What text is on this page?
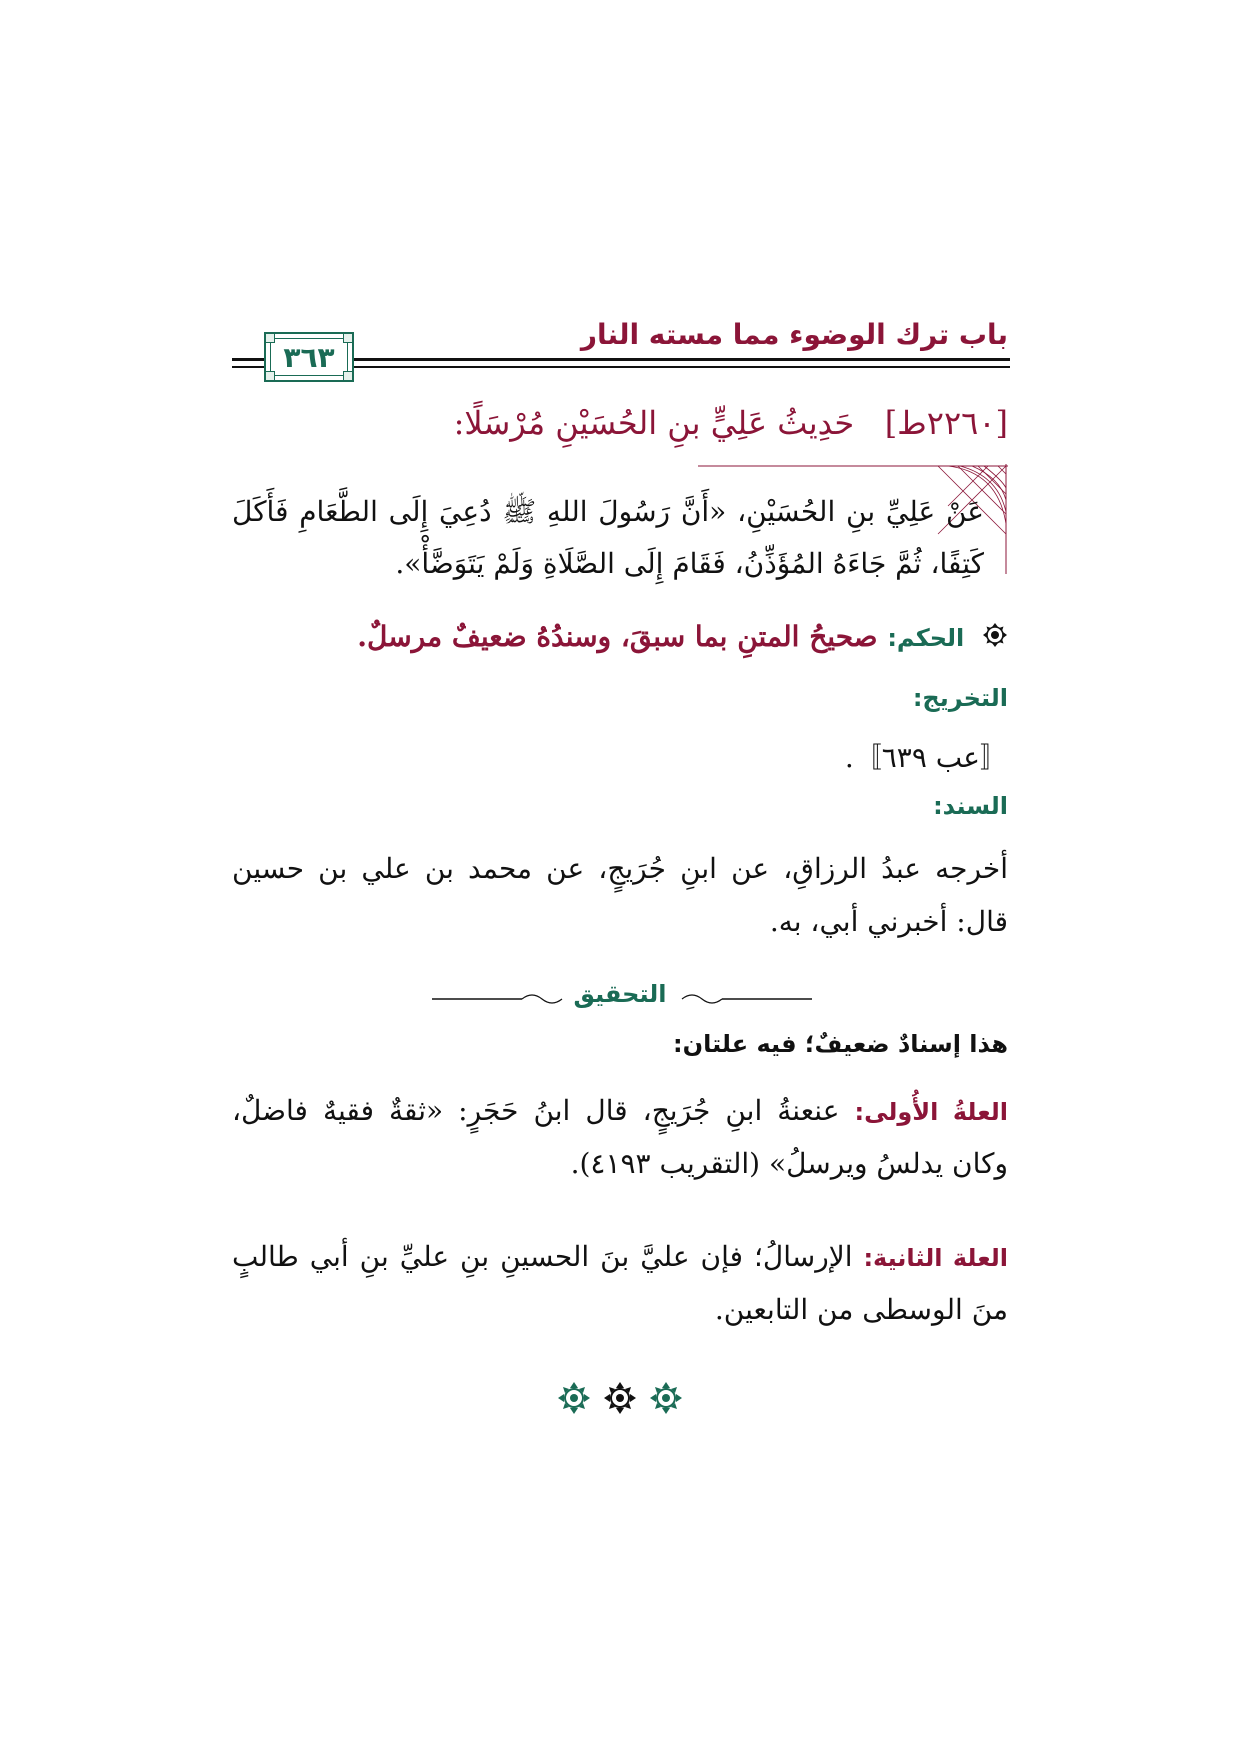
باب ترك الوضوء مما مسته النار
٣٦٣
[٢٢٦٠ط]   حَدِيثُ عَلِيٍّ بنِ الحُسَيْنِ مُرْسَلًا:
عَنْ عَلِيِّ بنِ الحُسَيْنِ، «أَنَّ رَسُولَ اللهِ ﷺ دُعِيَ إِلَى الطَّعَامِ فَأَكَلَ كَتِفًا، ثُمَّ جَاءَهُ المُؤَذِّنُ، فَقَامَ إِلَى الصَّلَاةِ وَلَمْ يَتَوَضَّأْ».
الحكم: صحيحُ المتنِ بما سبقَ، وسندُهُ ضعيفٌ مرسلٌ.
التخريج:
〚عب ٦٣٩〛.
السند:
أخرجه عبدُ الرزاقِ، عن ابنِ جُرَيجٍ، عن محمد بن علي بن حسين قال: أخبرني أبي، به.
التحقيق
هذا إسنادٌ ضعيفٌ؛ فيه علتان:
العلةُ الأُولى: عنعنةُ ابنِ جُرَيجٍ، قال ابنُ حَجَرٍ: «ثقةٌ فقيهٌ فاضلٌ، وكان يدلسُ ويرسلُ» (التقريب ٤١٩٣).
العلة الثانية: الإرسالُ؛ فإن عليَّ بنَ الحسينِ بنِ عليِّ بنِ أبي طالبٍ منَ الوسطى من التابعين.
